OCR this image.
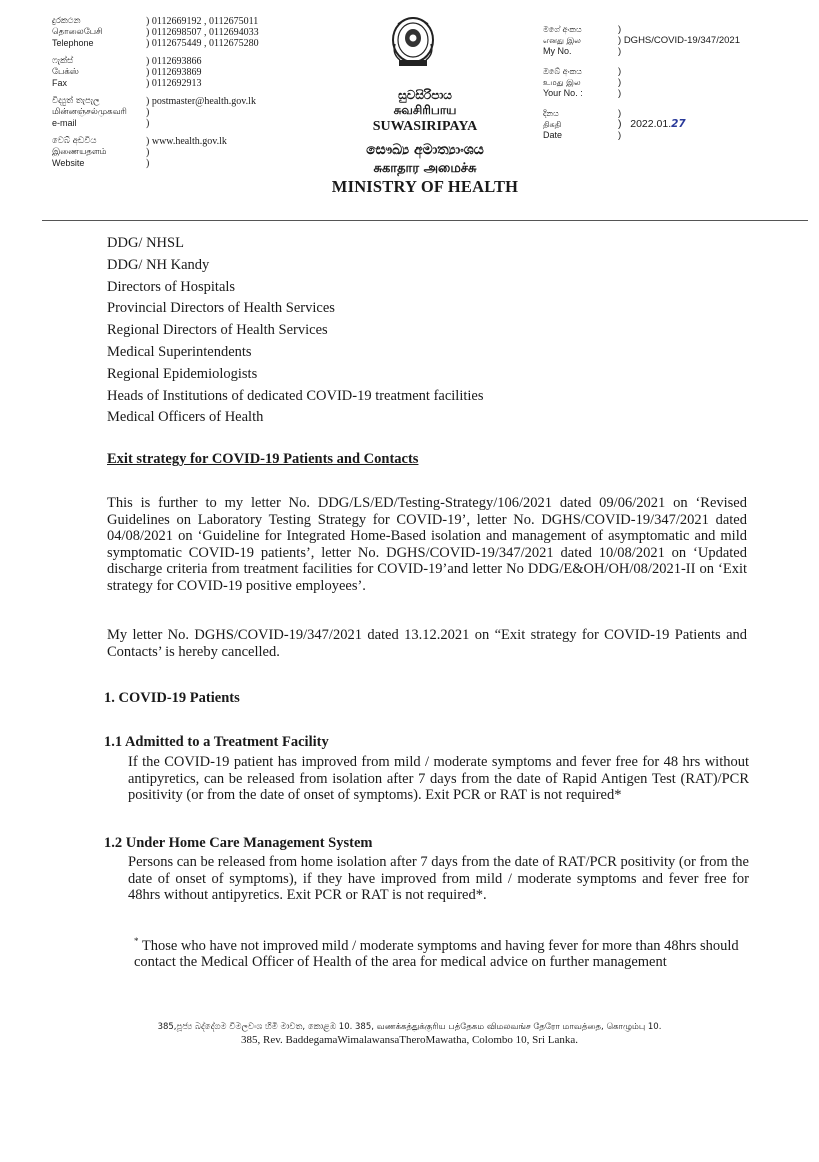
දුරකථන
தொலைபேசி
Telephone
) 0112669192 , 0112675011
) 0112698507 , 0112694033
) 0112675449 , 0112675280
ෆැක්ස්
பேக்ஸ்
Fax
) 0112693866
) 0112693869
) 0112692913
විද්‍යුත් තැපැල
மின்னஞ்சல்முகவரி
e-mail
) postmaster@health.gov.lk
)
)
වෙබ් අඩවිය
இணையதளம்
Website
) www.health.gov.lk
)
)
සුවසිරිපාය
சுவசிரிபாய
SUWASIRIPAYA
සෞඛ්‍ය අමාත්‍යාංශය
சுகாதார அமைச்சு
MINISTRY OF HEALTH
මගේ අංකය
எனது இல
My No.
)
) DGHS/COVID-19/347/2021
)
ඔබේ අංකය
உமது இல
Your No. :
)
)
)
දිනය
திகதி
Date
)
)   2022.01.27
)
DDG/ NHSL
DDG/ NH Kandy
Directors of Hospitals
Provincial Directors of Health Services
Regional Directors of Health Services
Medical Superintendents
Regional Epidemiologists
Heads of Institutions of dedicated COVID-19 treatment facilities
Medical Officers of Health
Exit strategy for COVID-19 Patients and Contacts
This is further to my letter No. DDG/LS/ED/Testing-Strategy/106/2021 dated 09/06/2021 on ‘Revised Guidelines on Laboratory Testing Strategy for COVID-19’, letter No. DGHS/COVID-19/347/2021 dated 04/08/2021 on ‘Guideline for Integrated Home-Based isolation and management of asymptomatic and mild symptomatic COVID-19 patients’, letter No. DGHS/COVID-19/347/2021 dated 10/08/2021 on ‘Updated discharge criteria from treatment facilities for COVID-19’and letter No DDG/E&OH/OH/08/2021-II on ‘Exit strategy for COVID-19 positive employees’.
My letter No. DGHS/COVID-19/347/2021 dated 13.12.2021 on “Exit strategy for COVID-19 Patients and Contacts’ is hereby cancelled.
1. COVID-19 Patients
1.1 Admitted to a Treatment Facility
If the COVID-19 patient has improved from mild / moderate symptoms and fever free for 48 hrs without antipyretics, can be released from isolation after 7 days from the date of Rapid Antigen Test (RAT)/PCR positivity (or from the date of onset of symptoms). Exit PCR or RAT is not required*
1.2 Under Home Care Management System
Persons can be released from home isolation after 7 days from the date of RAT/PCR positivity (or from the date of onset of symptoms), if they have improved from mild / moderate symptoms and fever free for 48hrs without antipyretics. Exit PCR or RAT is not required*.
* Those who have not improved mild / moderate symptoms and having fever for more than 48hrs should contact the Medical Officer of Health of the area for medical advice on further management
385,පූජ්‍ය බද්දේගම විමලවංශ හිමි මාවත, කොළඹ 10. 385, வணக்கத்துக்குரிய பத்தேகம விமலவங்ச தேரோ மாவத்தை, கொழும்பு 10.
385, Rev. BaddegamaWimalawansaTheroMawatha, Colombo 10, Sri Lanka.
